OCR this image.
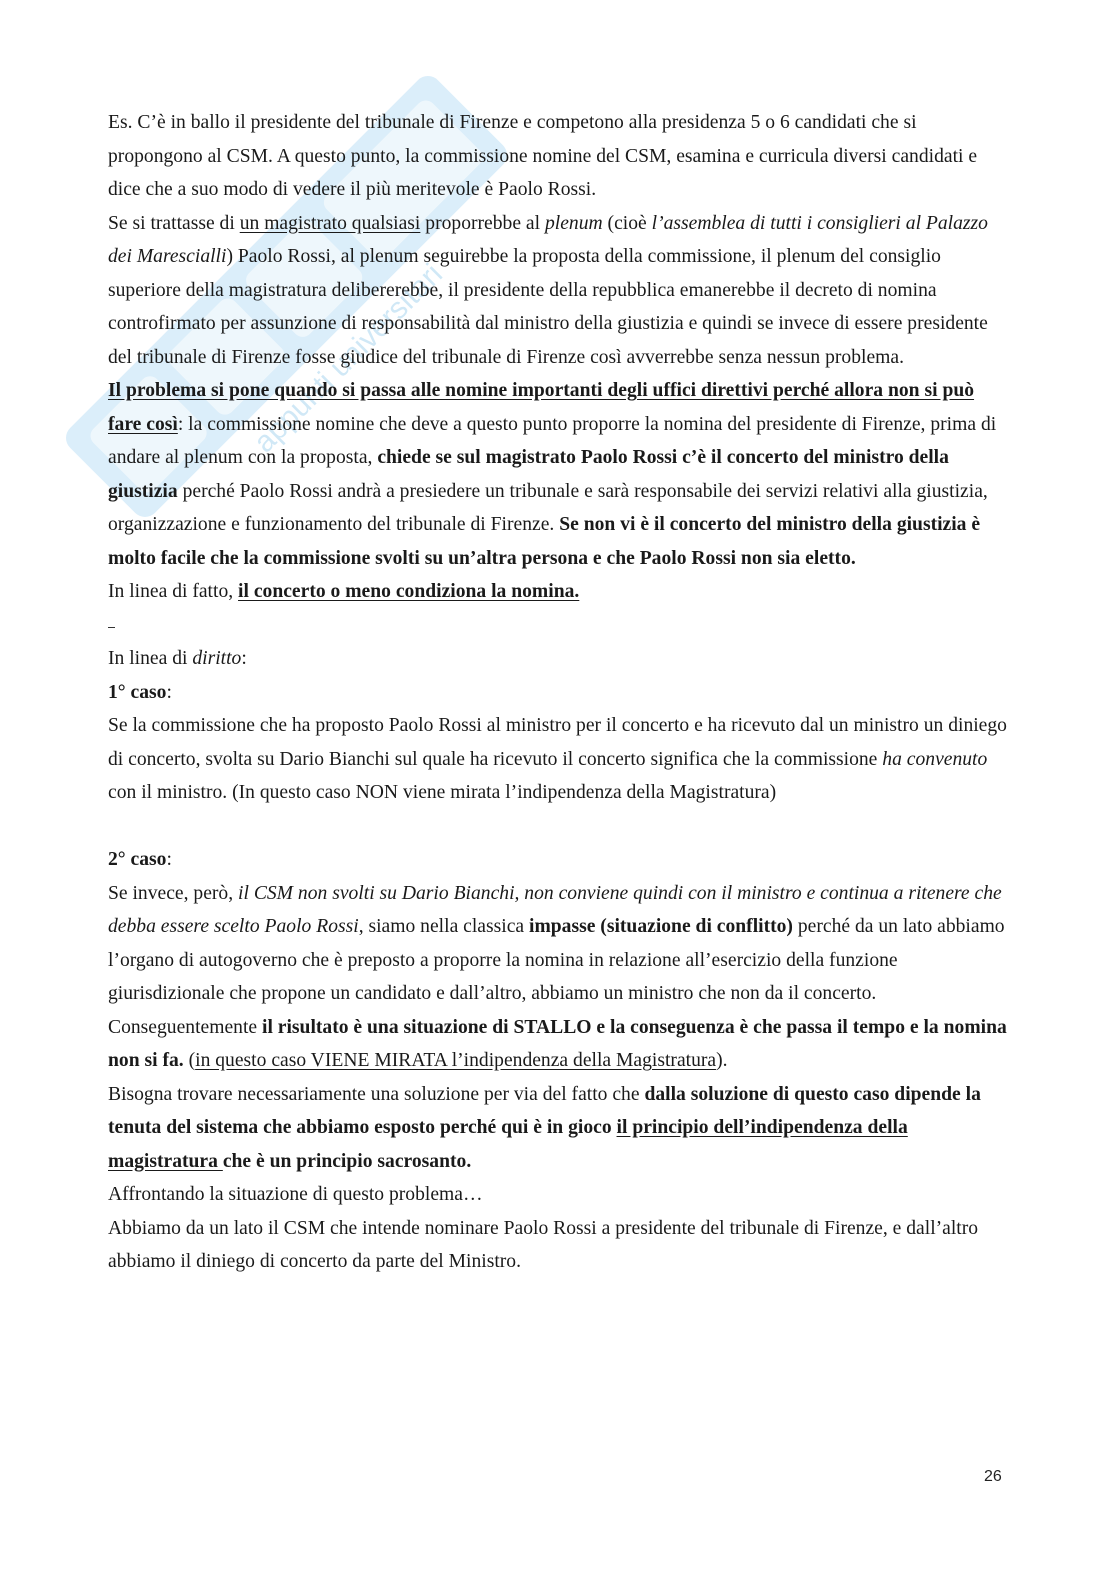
appunti universitari

Es. C’è in ballo il presidente del tribunale di Firenze e competono alla presidenza 5 o 6 candidati che si propongono al CSM. A questo punto, la commissione nomine del CSM, esamina e curricula diversi candidati e dice che a suo modo di vedere il più meritevole è Paolo Rossi.

Se si trattasse di un magistrato qualsiasi proporrebbe al plenum (cioè l’assemblea di tutti i consiglieri al Palazzo dei Marescialli) Paolo Rossi, al plenum seguirebbe la proposta della commissione, il plenum del consiglio superiore della magistratura delibererebbe, il presidente della repubblica emanerebbe il decreto di nomina controfirmato per assunzione di responsabilità dal ministro della giustizia e quindi se invece di essere presidente del tribunale di Firenze fosse giudice del tribunale di Firenze così avverrebbe senza nessun problema.

Il problema si pone quando si passa alle nomine importanti degli uffici direttivi perché allora non si può fare così: la commissione nomine che deve a questo punto proporre la nomina del presidente di Firenze, prima di andare al plenum con la proposta, chiede se sul magistrato Paolo Rossi c’è il concerto del ministro della giustizia perché Paolo Rossi andrà a presiedere un tribunale e sarà responsabile dei servizi relativi alla giustizia, organizzazione e funzionamento del tribunale di Firenze. Se non vi è il concerto del ministro della giustizia è molto facile che la commissione svolti su un’altra persona e che Paolo Rossi non sia eletto.

In linea di fatto, il concerto o meno condiziona la nomina.

In linea di diritto:

1° caso:

Se la commissione che ha proposto Paolo Rossi al ministro per il concerto e ha ricevuto dal un ministro un diniego di concerto, svolta su Dario Bianchi sul quale ha ricevuto il concerto significa che la commissione ha convenuto con il ministro. (In questo caso NON viene mirata l’indipendenza della Magistratura)

2° caso:

Se invece, però, il CSM non svolti su Dario Bianchi, non conviene quindi con il ministro e continua a ritenere che debba essere scelto Paolo Rossi, siamo nella classica impasse (situazione di conflitto) perché da un lato abbiamo l’organo di autogoverno che è preposto a proporre la nomina in relazione all’esercizio della funzione giurisdizionale che propone un candidato e dall’altro, abbiamo un ministro che non da il concerto. Conseguentemente il risultato è una situazione di STALLO e la conseguenza è che passa il tempo e la nomina non si fa. (in questo caso VIENE MIRATA l’indipendenza della Magistratura).

Bisogna trovare necessariamente una soluzione per via del fatto che dalla soluzione di questo caso dipende la tenuta del sistema che abbiamo esposto perché qui è in gioco il principio dell’indipendenza della magistratura che è un principio sacrosanto.

Affrontando la situazione di questo problema…

Abbiamo da un lato il CSM che intende nominare Paolo Rossi a presidente del tribunale di Firenze, e dall’altro abbiamo il diniego di concerto da parte del Ministro.

26
